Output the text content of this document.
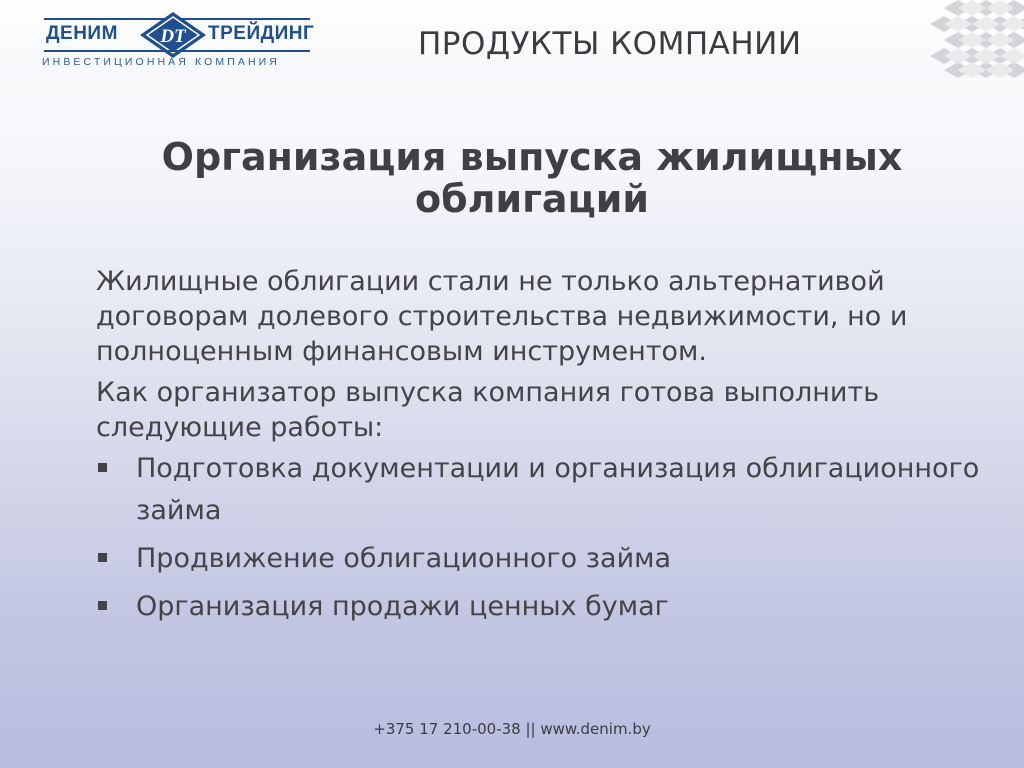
ДЕНИМ DT ТРЕЙДИНГ
ИНВЕСТИЦИОННАЯ КОМПАНИЯ	ПРОДУКТЫ КОМПАНИИ
Организация выпуска жилищных облигаций

Жилищные облигации стали не только альтернативой договорам долевого строительства недвижимости, но и полноценным финансовым инструментом.

Как организатор выпуска компания готова выполнить следующие работы:

Подготовка документации и организация облигационного займа
Продвижение облигационного займа
Организация продажи ценных бумаг
+375 17 210-00-38 || www.denim.by
